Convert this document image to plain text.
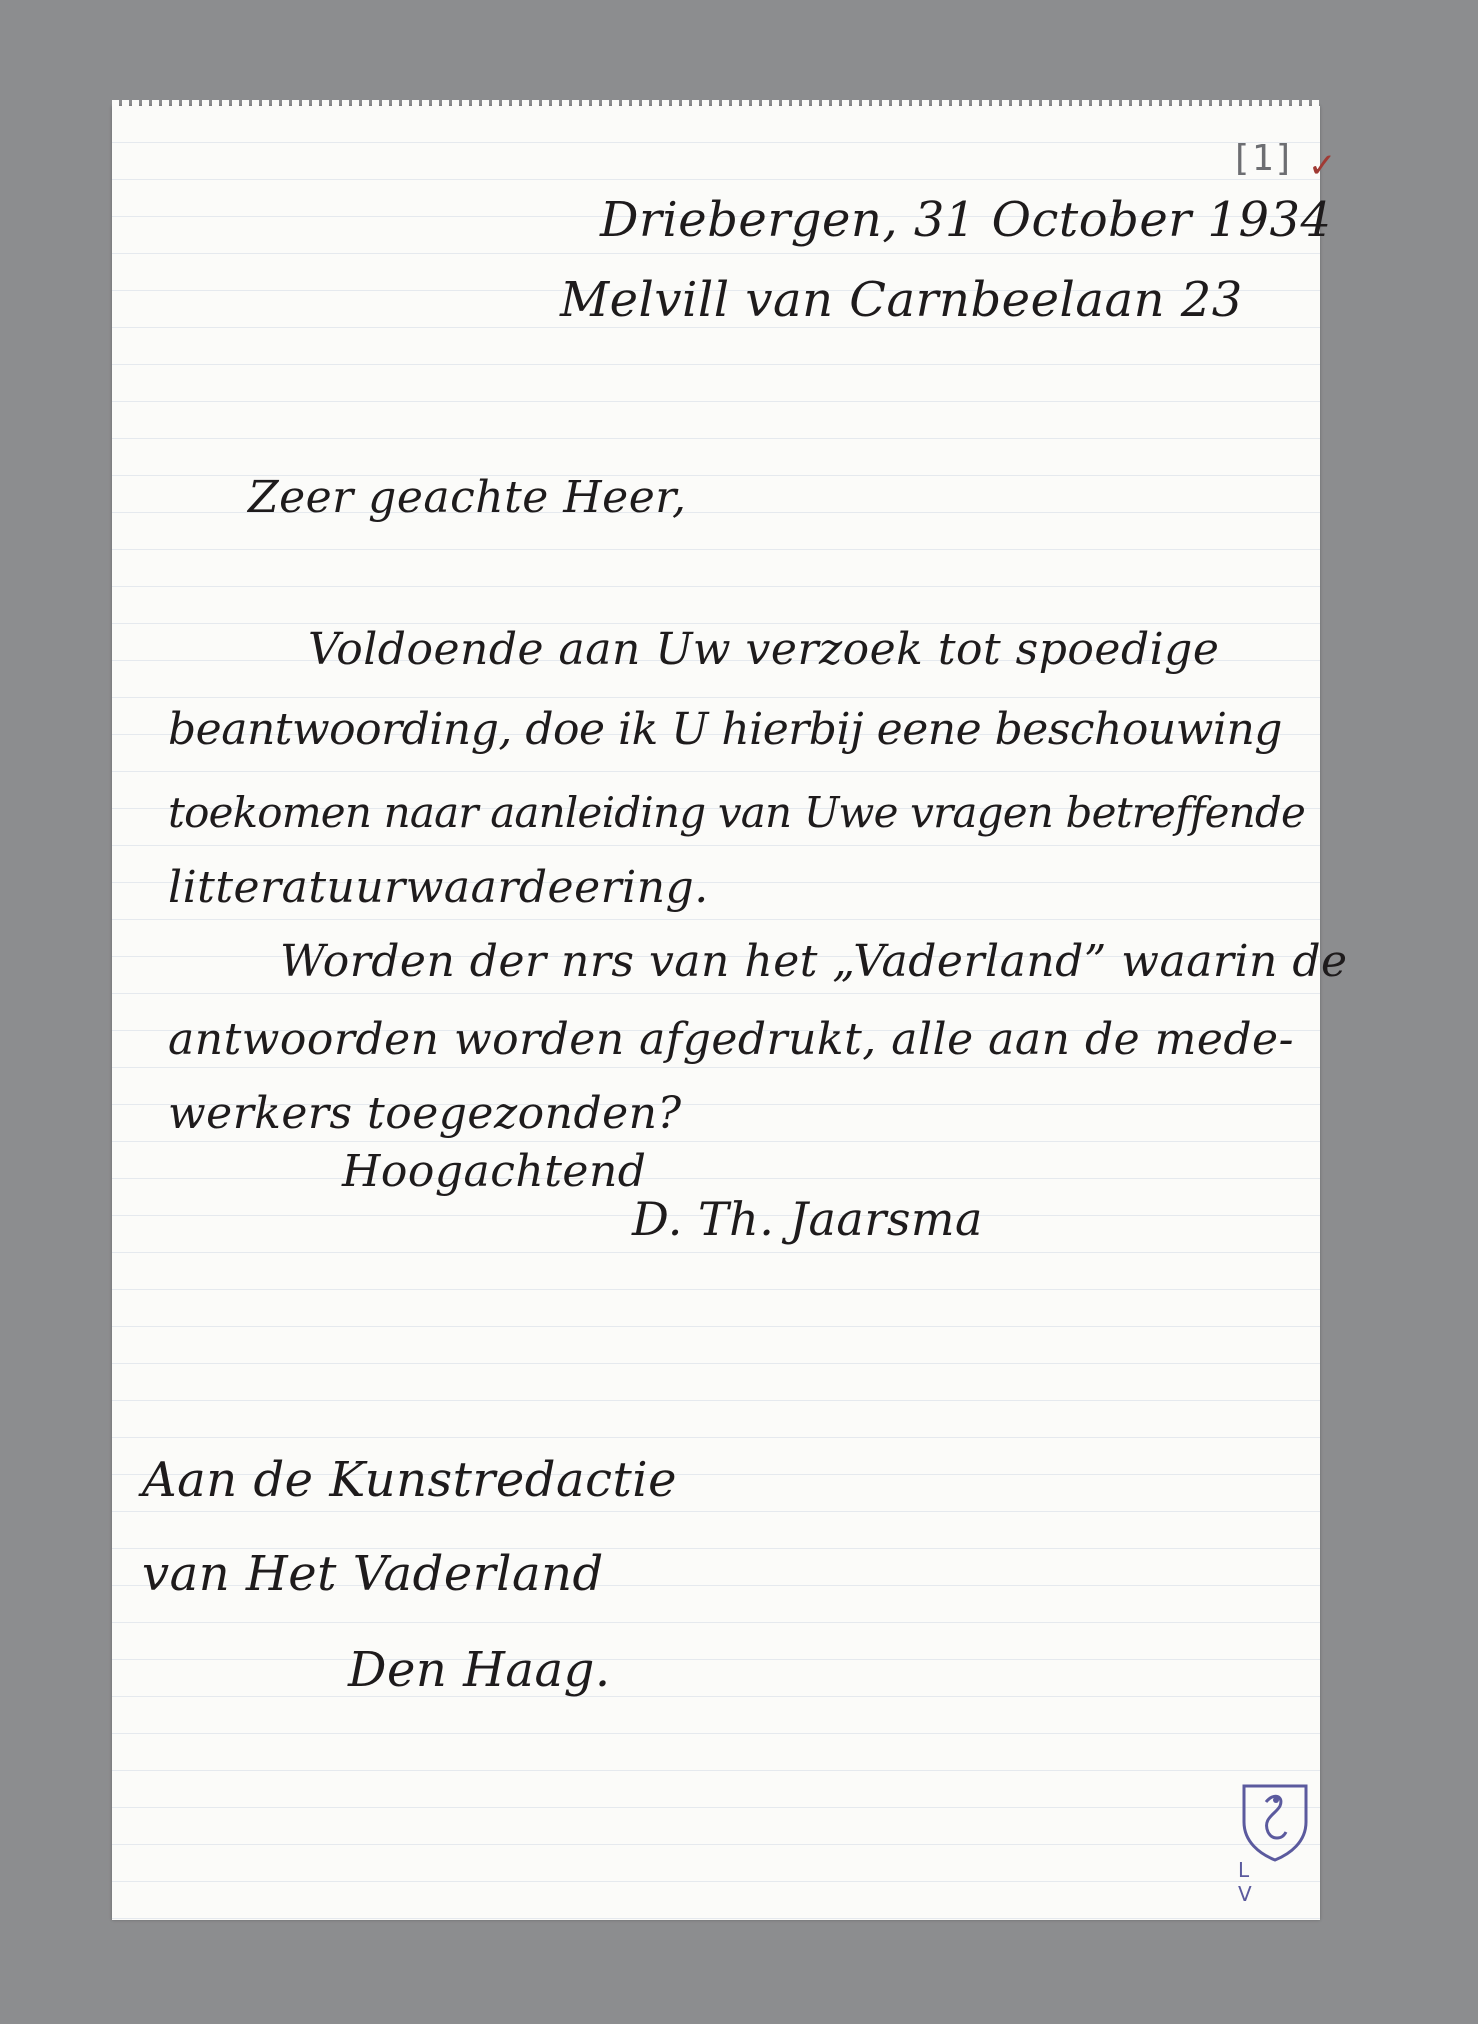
[1] ✓
Driebergen, 31 October 1934
Melvill van Carnbeelaan 23
Zeer geachte Heer,
Voldoende aan Uw verzoek tot spoedige
beantwoording, doe ik U hierbij eene beschouwing
toekomen naar aanleiding van Uwe vragen betreffende
litteratuurwaardeering.
Worden der nrs van het „Vaderland” waarin de
antwoorden worden afgedrukt, alle aan de mede-
werkers toegezonden?
Hoogachtend
D. Th. Jaarsma
Aan de Kunstredactie
van Het Vaderland
Den Haag.
L V
